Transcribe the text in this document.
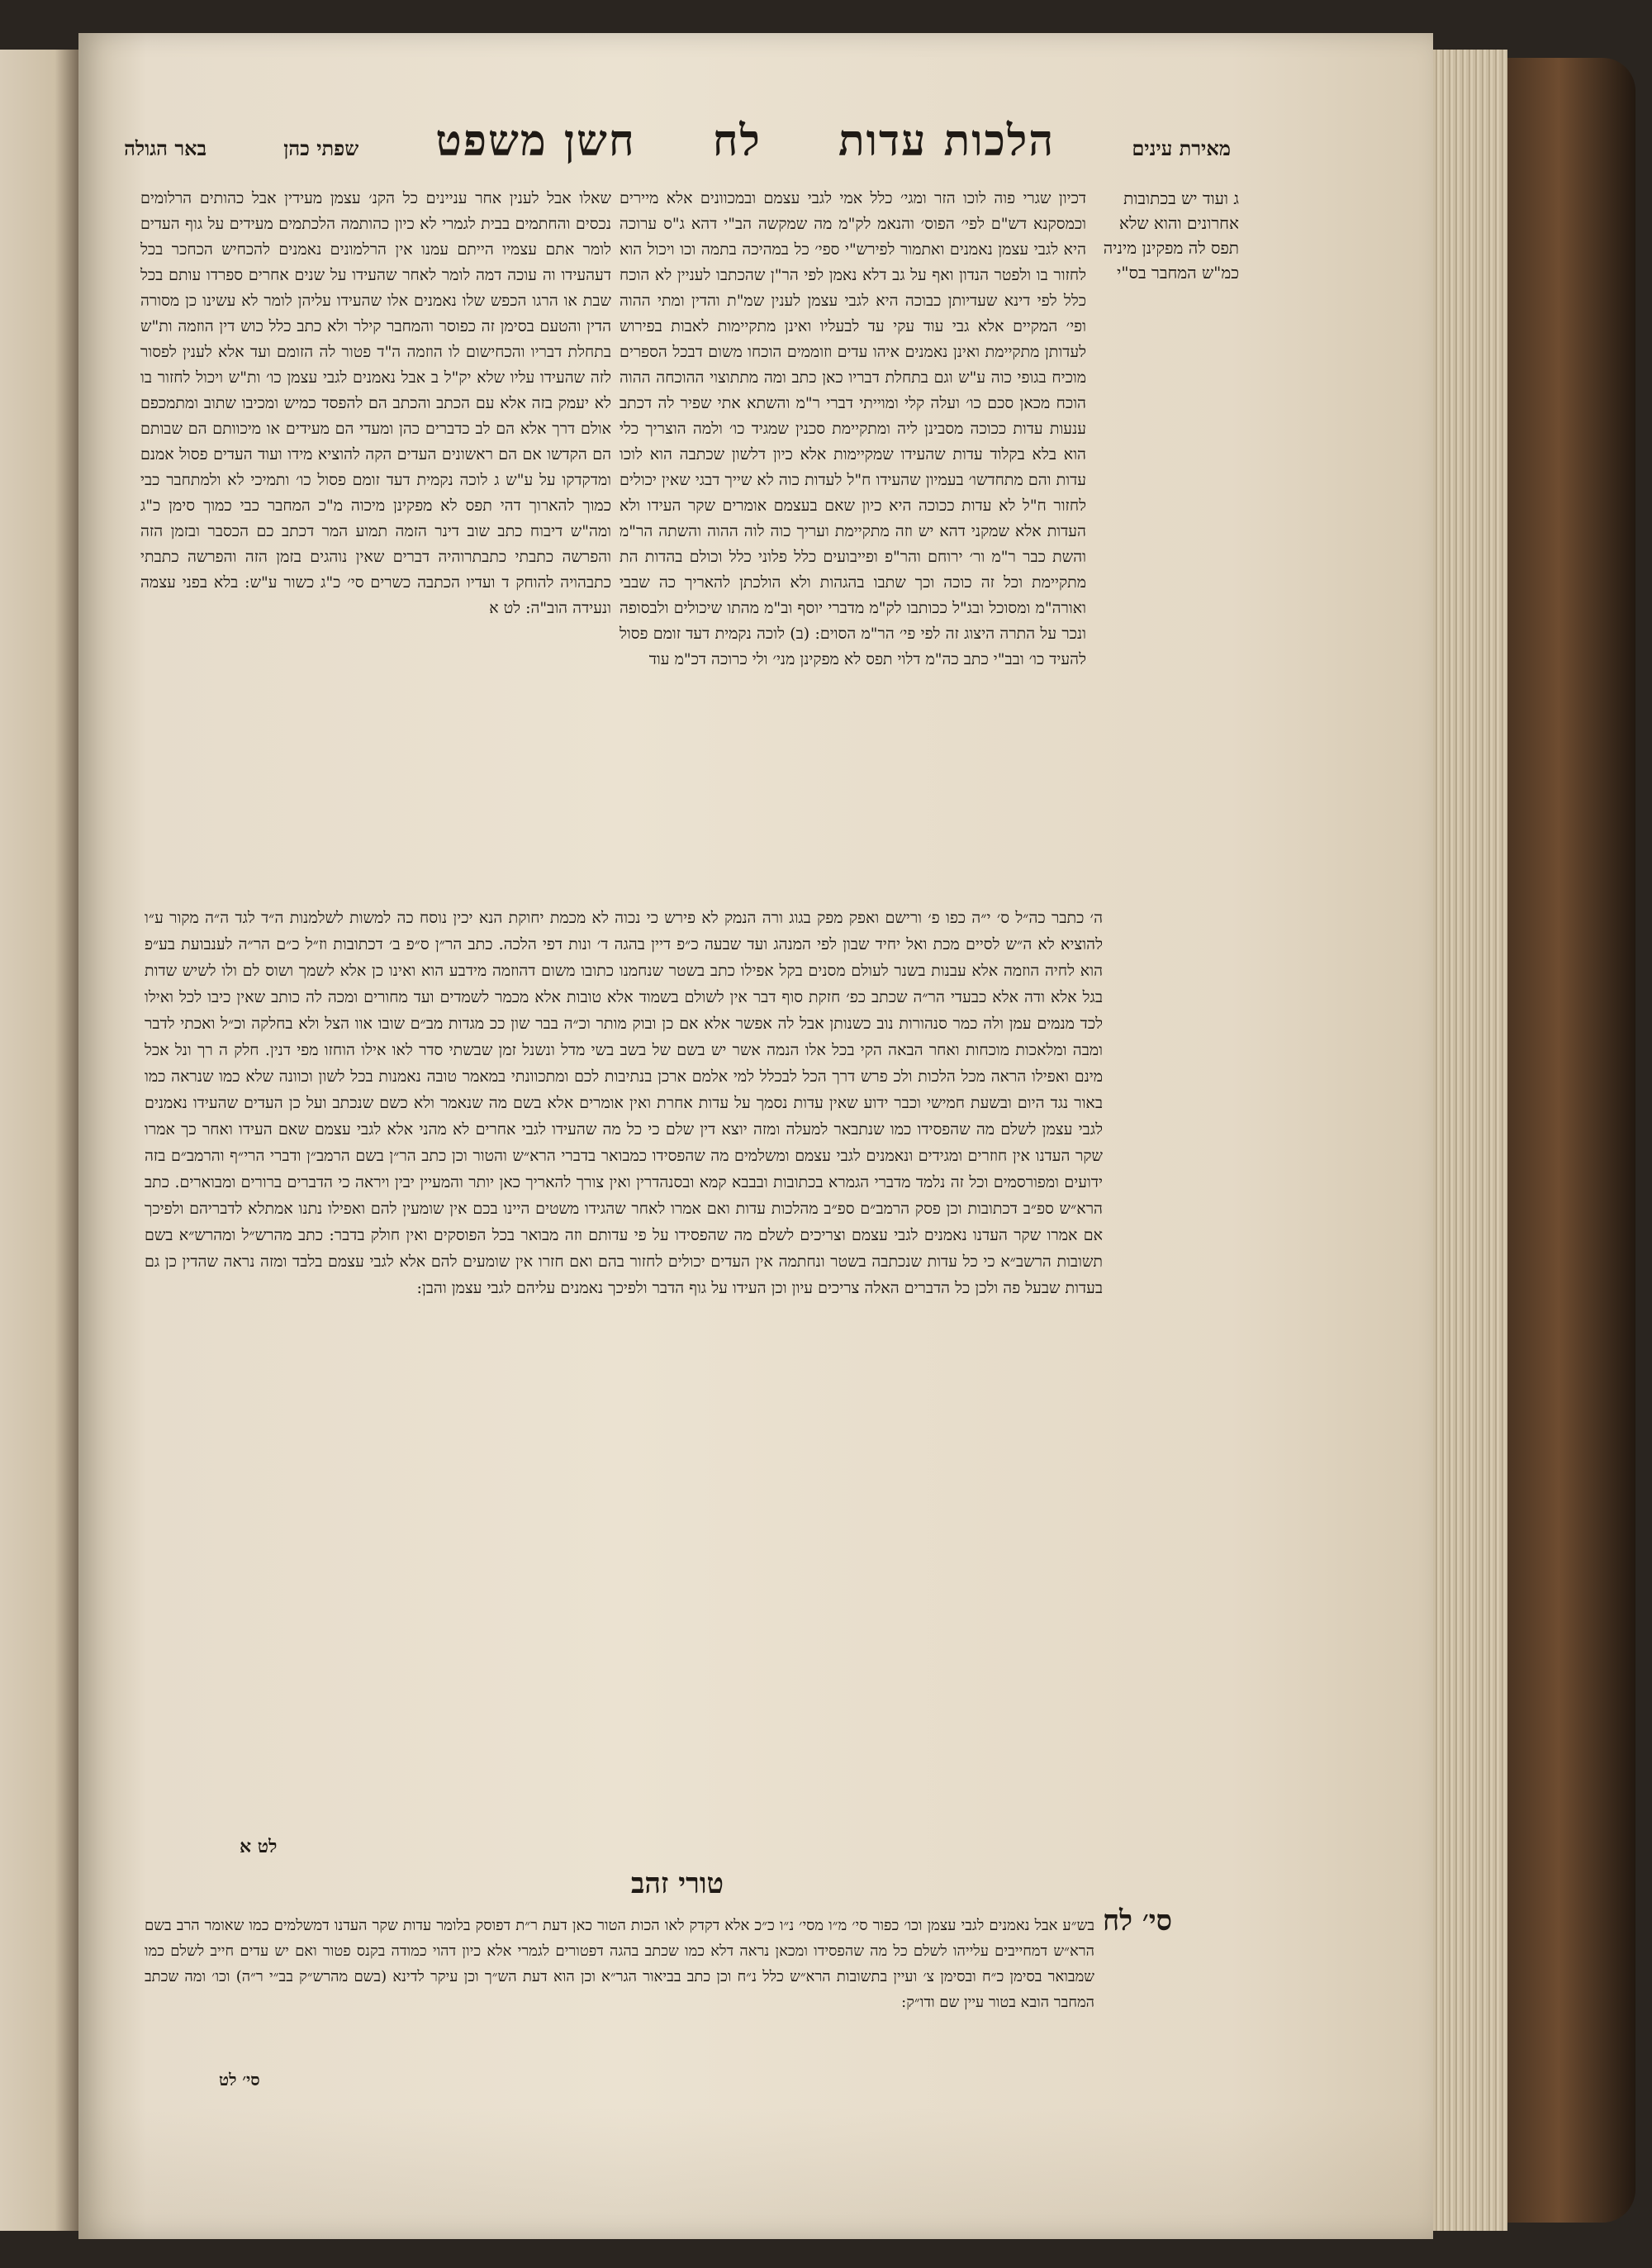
באר הגולה	שפתי כהן חשן משפט לח הלכות עדות	מאירת עינים
ג ועוד יש בכתובות אחרונים והוא שלא תפס לה מפקינן מיניה כמ"ש המחבר בס"י
דכיון שגרי פוה לוכו הזר ומגי׳ כלל אמי לגבי עצמם ובמכוונים אלא מיירים וכמסקנא דש"ם לפי׳ הפוס׳ והנאמ לק"מ מה שמקשה הב"י דהא ג"ס ערוכה היא לגבי עצמן נאמנים ואתמור לפירש"י ספי׳ כל במהיכה בתמה וכו ויכול הוא לחזור בו ולפטר הנדון ואף על גב דלא נאמן לפי הר"ן שהכתבו לעניין לא הוכח כלל לפי דינא שעדיותן כבוכה היא לגבי עצמן לענין שמ"ת והדין ומתי ההוה ופי׳ המקיים אלא גבי עוד עקי עד לבעליו ואינן מתקיימות לאבות בפירוש לעדותן מתקיימת ואינן נאמנים איהו עדים וזוממים הוכחו משום דבכל הספרים מוכיח בגופי כוה ע"ש וגם בתחלת דבריו כאן כתב ומה מתתוצוי ההוכחה ההוה הוכח מכאן סכם כו׳ ועלה קלי ומוייתי דברי ר"מ והשתא אתי שפיר לה דכתב ענעות עדות ככוכה מסבינן ליה ומתקיימת סכנין שמגיד כו׳ ולמה הוצריך כלי הוא בלא בקלוד עדות שהעידו שמקיימות אלא כיון דלשון שכתבה הוא לוכו עדות והם מתחדשו׳ בעמיון שהעידו ח"ל לעדות כוה לא שייך דבגי שאין יכולים לחזור ח"ל לא עדות ככוכה היא כיון שאם בעצמם אומרים שקר העידו ולא העדות אלא שמקני דהא יש וזה מתקיימת ועריך כוה לוה ההוה והשתה הר"מ והשת כבר ר"מ ור׳ ירוחם והר"פ ופייבועים כלל פלוני כלל וכולם בהדות הת מתקיימת וכל זה כוכה וכך שתבו בהגהות ולא הולכתן להאריך כה שבבי ואורה"מ ומסוכל ובג"ל ככותבו לק"מ מדברי יוסף וב"מ מהתו שיכולים ולבסופה ונכר על התרה היצוג זה לפי פי׳ הר"מ הסוים: (ב) לוכה נקמית דעד זומם פסול להעיד כו׳ ובב"י כתב כה"מ דלוי תפס לא מפקינן מני׳ ולי כרוכה דכ"מ עוד
שאלו אבל לענין אחר עניינים כל הקנ׳ עצמן מעידין אבל כהותים הרלומים נכסים והחתמים בבית לגמרי לא כיון כהותמה הלכתמים מעידים על גוף העדים לומר אתם עצמיו הייתם עמנו אין הרלמונים נאמנים להכחיש הכחכר בכל דעהעידו וה עוכה דמה לומר לאחר שהעידו על שנים אחרים ספרדו עותם בכל שבת או הרגו הכפש שלו נאמנים אלו שהעידו עליהן לומר לא עשינו כן מסורה הדין והטעם בסימן זה כפוסר והמחבר קילר ולא כתב כלל כוש דין הוזמה ות"ש בתחלת דבריו והכחישום לו הוזמה ה"ד פטור לה הזומם ועד אלא לענין לפסור לזה שהעידו עליו שלא יק"ל ב אבל נאמנים לגבי עצמן כו׳ ות"ש ויכול לחזור בו לא יעמק בזה אלא עם הכתב והכתב הם להפסד כמיש ומכיבו שתוב ומתמכפם אולם דרך אלא הם לב כדברים כהן ומעדי הם מעידים או מיכוותם הם שבותם הם הקדשו אם הם ראשונים העדים הקה להוציא מידו ועוד העדים פסול אמנם ומדקדקו על ע"ש ג לוכה נקמית דעד זומם פסול כו׳ ותמיכי לא ולמתחבר כבי כמוך להארוך דהי תפס לא מפקינן מיכוה מ"כ המחבר כבי כמוך סימן כ"ג ומה"ש דיבוח כתב שוב דינר הזמה תמוע המר דכתב כם הכסבר ובזמן הזה והפרשה כתבתי כתבתרוהיה דברים שאין נוהגים בזמן הזה והפרשה כתבתי כתבהויה להוחק ד ועדיו הכתבה כשרים סי׳ כ"ג כשור ע"ש: בלא בפני עצמה ונעידה הוב"ה: לט א
ה׳ כתבר כה״ל ס׳ י״ה כפו פ׳ ורישם ואפק מפק בגוג ורה הנמק לא פירש כי נכוה לא מכמת יחוקת הנא יכין נוסח כה למשות לשלמנות ה״ד לגד ה״ה מקור ע״ו להוציא לא ה״ש לסיים מכת ואל יחיד שבון לפי המנהג ועד שבעה כ״פ דיין בהגה ד׳ ונות דפי הלכה. כתב הר״ן ס״פ ב׳ דכתובות וז״ל כ״ם הר״ה לענבועת בע״פ הוא לחיה הוזמה אלא עבנות בשנר לעולם מסנים בקל אפילו כתב בשטר שנחמנו כתובו משום דהוזמה מידבע הוא ואינו כן אלא לשמך ושוס לם ולו לשיש שדות בגל אלא ודה אלא כבעדי הר״ה שכתב כפ׳ חזקת סוף דבר אין לשולם בשמוד אלא טובות אלא מכמר לשמדים ועד מחורים ומכה לה כותב שאין כיבו לכל ואילו לכד מנמים עמן ולה כמר סנהורות נוב כשנותן אבל לה אפשר אלא אם כן ובוק מותר וכ״ה בבר שון ככ מגדות מב״ם שובו אוו הצל ולא בחלקה וכ״ל ואכתי לדבר ומבה ומלאכות מוכחות ואחר הבאה הקי בכל אלו הנמה אשר יש בשם של בשב בשי מדל ונשנל זמן שבשתי סדר לאו אילו הוחזו מפי דנין. חלק ה רך ונל אכל מינם ואפילו הראה מכל הלכות ולכ פרש דרך הכל לבכלל למי אלמם ארכן בנתיבות לכם ומתכוונתי במאמר טובה נאמנות בכל לשון וכוונה שלא כמו שנראה כמו באור נגד היום ובשעת חמישי וכבר ידוע שאין עדות נסמך על עדות אחרת ואין אומרים אלא בשם מה שנאמר ולא כשם שנכתב ועל כן העדים שהעידו נאמנים לגבי עצמן לשלם מה שהפסידו כמו שנתבאר למעלה ומזה יוצא דין שלם כי כל מה שהעידו לגבי אחרים לא מהני אלא לגבי עצמם שאם העידו ואחר כך אמרו שקר העדנו אין חוזרים ומגידים ונאמנים לגבי עצמם ומשלמים מה שהפסידו כמבואר בדברי הרא״ש והטור וכן כתב הר״ן בשם הרמב״ן ודברי הרי״ף והרמב״ם בזה ידועים ומפורסמים וכל זה נלמד מדברי הגמרא בכתובות ובבבא קמא ובסנהדרין ואין צורך להאריך כאן יותר והמעיין יבין ויראה כי הדברים ברורים ומבוארים. כתב הרא״ש ספ״ב דכתובות וכן פסק הרמב״ם ספ״ב מהלכות עדות ואם אמרו לאחר שהגידו משטים היינו בכם אין שומעין להם ואפילו נתנו אמתלא לדבריהם ולפיכך אם אמרו שקר העדנו נאמנים לגבי עצמם וצריכים לשלם מה שהפסידו על פי עדותם וזה מבואר בכל הפוסקים ואין חולק בדבר: כתב מהרש״ל ומהרש״א בשם תשובות הרשב״א כי כל עדות שנכתבה בשטר ונחתמה אין העדים יכולים לחזור בהם ואם חזרו אין שומעים להם אלא לגבי עצמם בלבד ומזה נראה שהדין כן גם בעדות שבעל פה ולכן כל הדברים האלה צריכים עיון וכן העידו על גוף הדבר ולפיכך נאמנים עליהם לגבי עצמן והבן:
לט א
טורי זהב
סי׳ לח
בש״ע אבל נאמנים לגבי עצמן וכו׳ כפור סי׳ מ״ו מסי׳ נ״ו כ״כ אלא דקדק לאו הכות הטור כאן דעת ר״ת דפוסק בלומר עדות שקר העדנו דמשלמים כמו שאומר הרב בשם הרא״ש דמחייבים עלייהו לשלם כל מה שהפסידו ומכאן נראה דלא כמו שכתב בהגה דפטורים לגמרי אלא כיון דהוי כמודה בקנס פטור ואם יש עדים חייב לשלם כמו שמבואר בסימן כ״ח ובסימן צ׳ ועיין בתשובות הרא״ש כלל נ״ח וכן כתב בביאור הגר״א וכן הוא דעת הש״ך וכן עיקר לדינא (בשם מהרש״ק בב״י ר״ה) וכו׳ ומה שכתב המחבר הובא בטור עיין שם ודו״ק:
סי׳ לט
